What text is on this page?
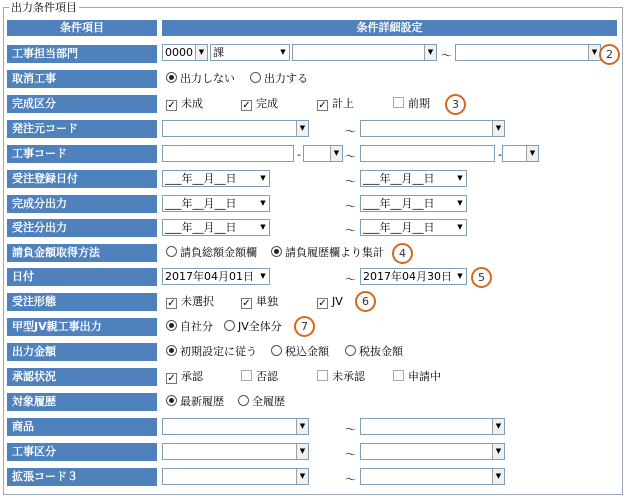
出力条件項目
条件項目	条件詳細設定
工事担当部門	0000 ▼ 課	▼	▼ ～	▼ 2
取消工事	出力しない	出力する
完成区分	✓ 未成	✓ 完成	✓ 計上	前期	3
発注元コード	▼	～	▼
工事コード	-	▼ ～	-	▼
受注登録日付	___年__月__日	▼	～ ___年__月__日	▼
完成分出力	___年__月__日	▼	～ ___年__月__日	▼
受注分出力	___年__月__日	▼	～ ___年__月__日	▼
請負金額取得方法	請負総額金額欄	請負履歴欄より集計	4
日付	2017年04月01日 ▼	～ 2017年04月30日 ▼	5
受注形態	✓ 未選択	✓ 単独	✓ JV	6
甲型JV親工事出力	自社分	JV全体分	7
出力金額	初期設定に従う	税込金額	税抜金額
承認状況	✓ 承認	否認	未承認	申請中
対象履歴	最新履歴	全履歴
商品	▼	～	▼
工事区分	▼	～	▼
拡張コード３	▼	～	▼
